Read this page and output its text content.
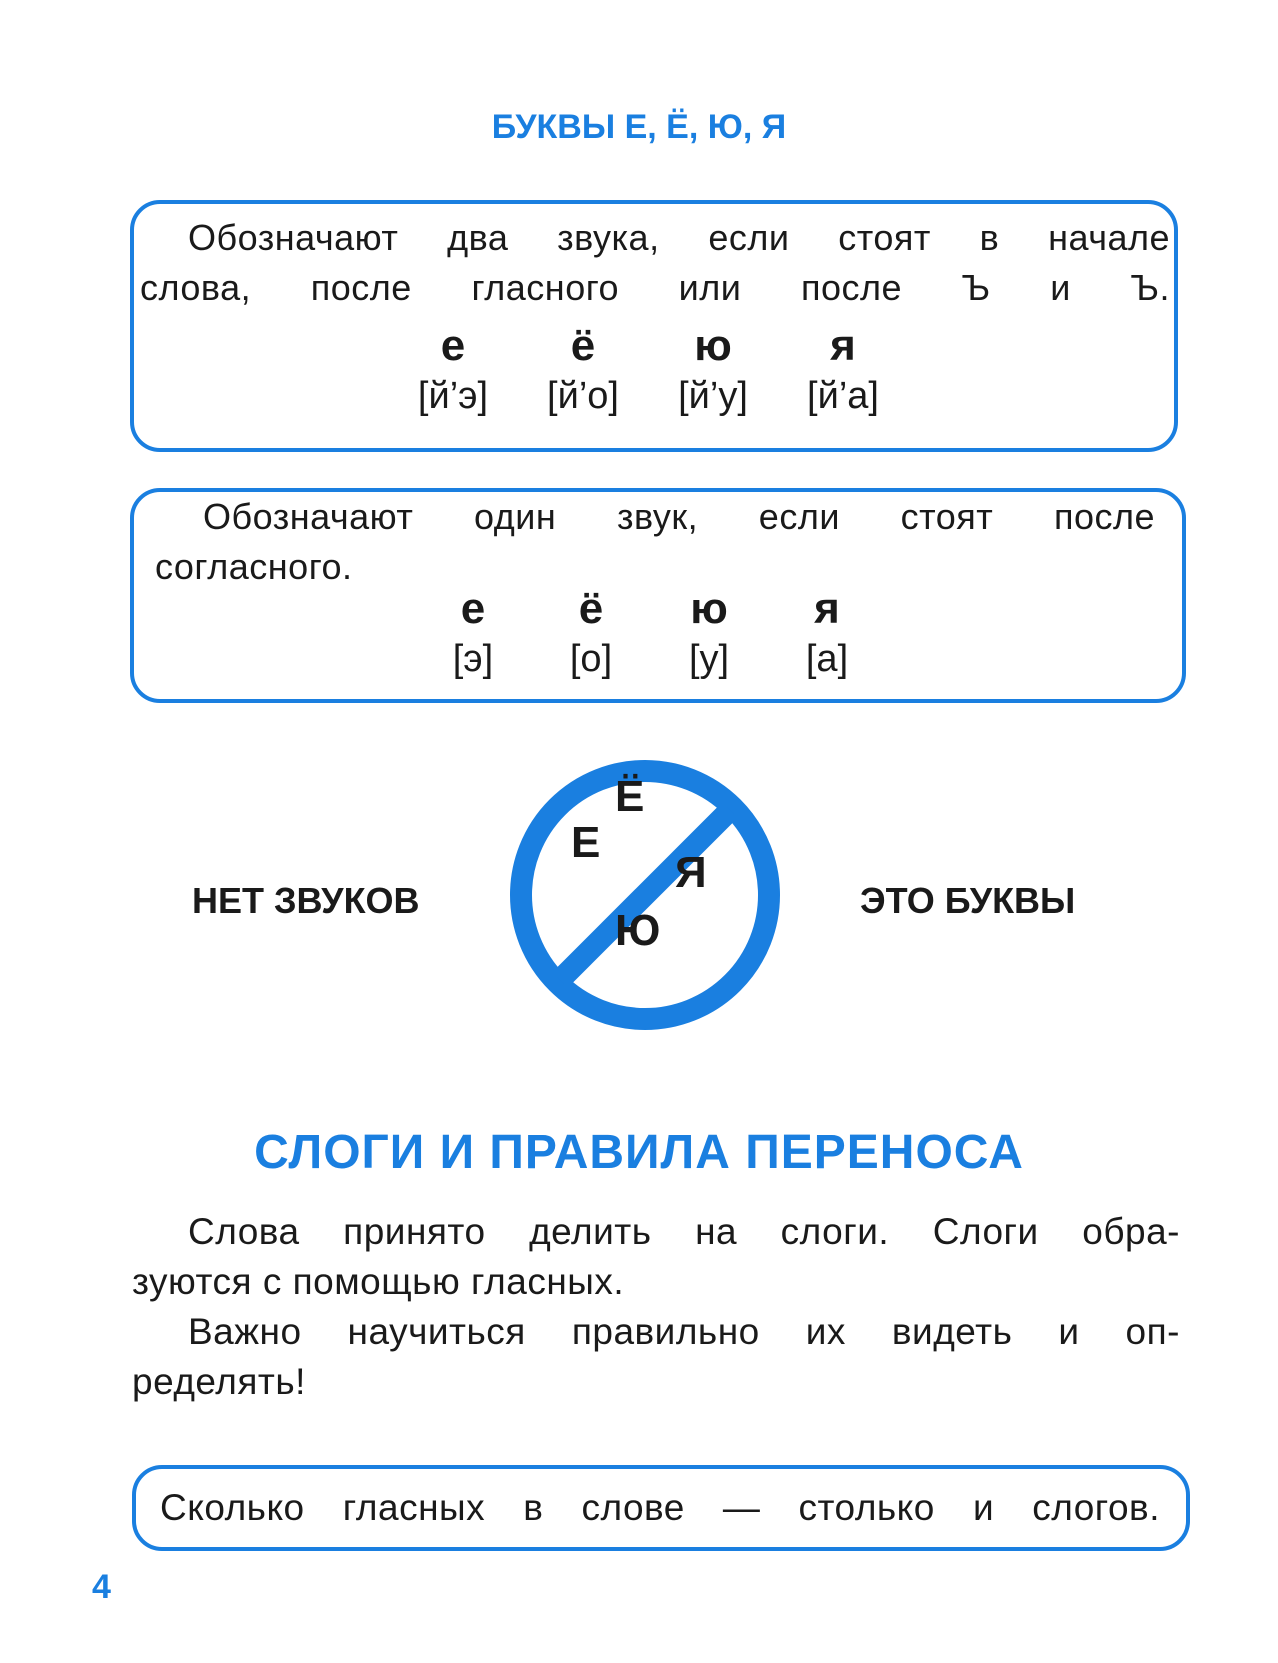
БУКВЫ Е, Ё, Ю, Я
Обозначают два звука, если стоят в начале
слова, после гласного или после Ъ и Ъ.
е
[й’э]
ё
[й’о]
ю
[й’у]
я
[й’а]
Обозначают один звук, если стоят после
согласного.
е
[э]
ё
[о]
ю
[у]
я
[а]

НЕТ ЗВУКОВ

Е
Ё
Я
Ю

ЭТО БУКВЫ

СЛОГИ И ПРАВИЛА ПЕРЕНОСА

Слова принято делить на слоги. Слоги обра-
зуются с помощью гласных.

Важно научиться правильно их видеть и оп-
ределять!

Сколько гласных в слове — столько и слогов.
4
